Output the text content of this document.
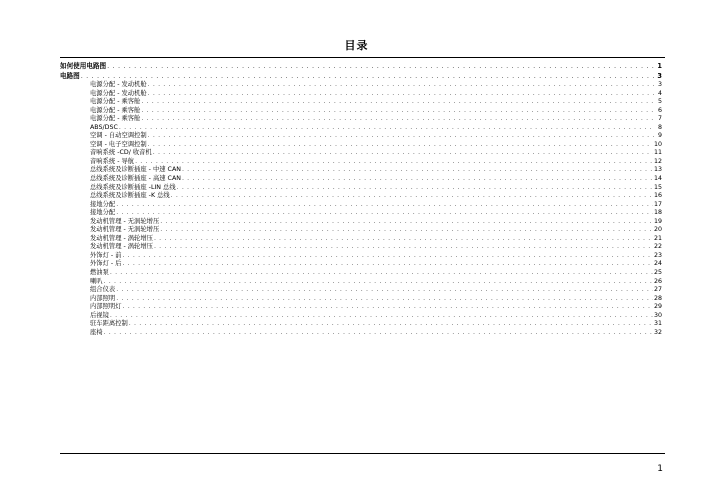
目录
如何使用电路图 . . .	1
电路图 . . .	3
电源分配 - 发动机舱 . . .	3
电源分配 - 发动机舱 . . .	4
电源分配 - 乘客舱 . . .	5
电源分配 - 乘客舱 . . .	6
电源分配 - 乘客舱 . . .	7
ABS/DSC . . .	8
空调 - 自动空调控制 . . .	9
空调 - 电子空调控制 . . .	10
音响系统 -CD/ 收音机 . . .	11
音响系统 - 导航 . . .	12
总线系统及诊断插座 - 中速 CAN . . .	13
总线系统及诊断插座 - 高速 CAN . . .	14
总线系统及诊断插座 -LIN 总线 . . .	15
总线系统及诊断插座 -K 总线 . . .	16
接地分配 . . .	17
接地分配 . . .	18
发动机管理 - 无涡轮增压 . . .	19
发动机管理 - 无涡轮增压 . . .	20
发动机管理 - 涡轮增压 . . .	21
发动机管理 - 涡轮增压 . . .	22
外饰灯 - 前 . . .	23
外饰灯 - 后 . . .	24
燃油泵 . . .	25
喇叭 . . .	26
组合仪表 . . .	27
内部照明 . . .	28
内部照明灯 . . .	29
后视镜 . . .	30
驻车距离控制 . . .	31
座椅 . . .	32
1
